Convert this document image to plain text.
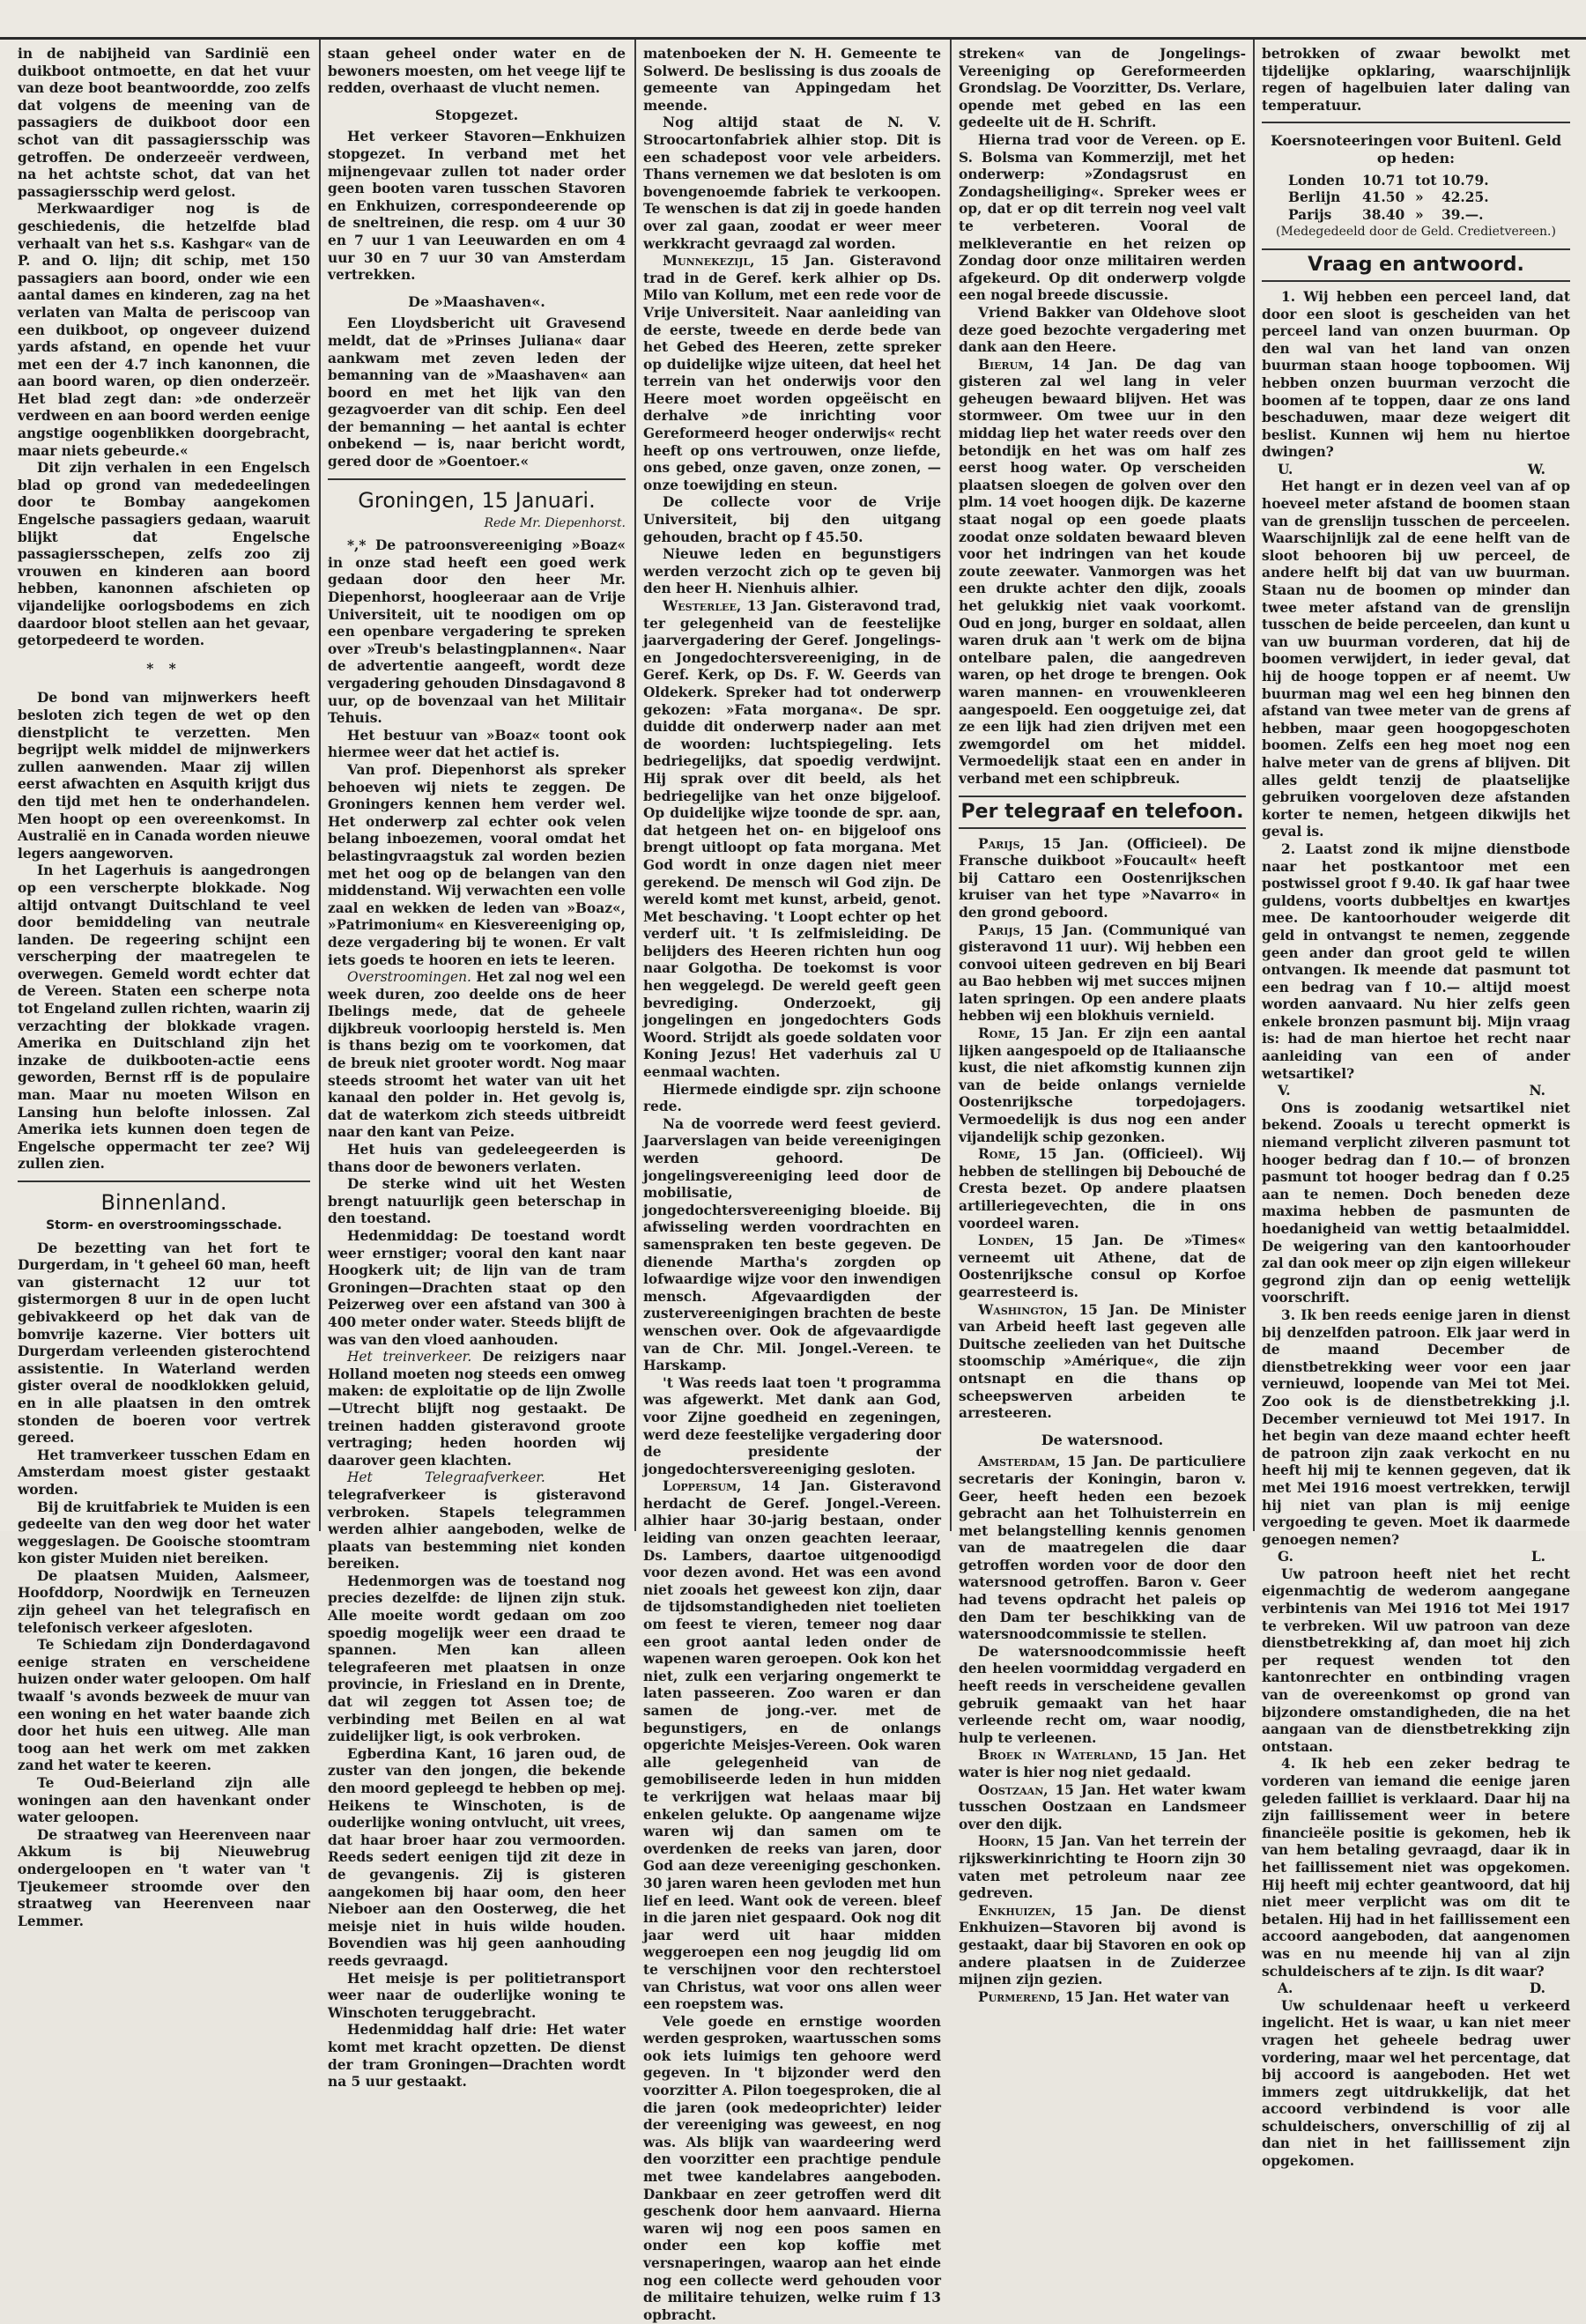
in de nabijheid van Sardinië een duikboot ontmoette, en dat het vuur van deze boot beantwoordde, zoo zelfs dat volgens de meening van de passagiers de duikboot door een schot van dit passagiersschip was getroffen. De onderzeeër verdween, na het achtste schot, dat van het passagiersschip werd gelost.

Merkwaardiger nog is de geschiedenis, die hetzelfde blad verhaalt van het s.s. Kashgar« van de P. and O. lijn; dit schip, met 150 passagiers aan boord, onder wie een aantal dames en kinderen, zag na het verlaten van Malta de periscoop van een duikboot, op ongeveer duizend yards afstand, en opende het vuur met een der 4.7 inch kanonnen, die aan boord waren, op dien onderzeër. Het blad zegt dan: »de onderzeër verdween en aan boord werden eenige angstige oogenblikken doorgebracht, maar niets gebeurde.«

Dit zijn verhalen in een Engelsch blad op grond van mededeelingen door te Bombay aangekomen Engelsche passagiers gedaan, waaruit blijkt dat Engelsche passagiersschepen, zelfs zoo zij vrouwen en kinderen aan boord hebben, kanonnen afschieten op vijandelijke oorlogsbodems en zich daardoor bloot stellen aan het gevaar, getorpedeerd te worden.

* *

De bond van mijnwerkers heeft besloten zich tegen de wet op den dienstplicht te verzetten. Men begrijpt welk middel de mijnwerkers zullen aanwenden. Maar zij willen eerst afwachten en Asquith krijgt dus den tijd met hen te onderhandelen. Men hoopt op een overeenkomst. In Australië en in Canada worden nieuwe legers aangeworven.

In het Lagerhuis is aangedrongen op een verscherpte blokkade. Nog altijd ontvangt Duitschland te veel door bemiddeling van neutrale landen. De regeering schijnt een verscherping der maatregelen te overwegen. Gemeld wordt echter dat de Vereen. Staten een scherpe nota tot Engeland zullen richten, waarin zij verzachting der blokkade vragen. Amerika en Duitschland zijn het inzake de duikbooten-actie eens geworden, Bernst rff is de populaire man. Maar nu moeten Wilson en Lansing hun belofte inlossen. Zal Amerika iets kunnen doen tegen de Engelsche oppermacht ter zee? Wij zullen zien.

Binnenland.
Storm- en overstroomingsschade.

De bezetting van het fort te Durgerdam, in 't geheel 60 man, heeft van gisternacht 12 uur tot gistermorgen 8 uur in de open lucht gebivakkeerd op het dak van de bomvrije kazerne. Vier botters uit Durgerdam verleenden gisterochtend assistentie. In Waterland werden gister overal de noodklokken geluid, en in alle plaatsen in den omtrek stonden de boeren voor vertrek gereed.

Het tramverkeer tusschen Edam en Amsterdam moest gister gestaakt worden.

Bij de kruitfabriek te Muiden is een gedeelte van den weg door het water weggeslagen. De Gooische stoomtram kon gister Muiden niet bereiken.

De plaatsen Muiden, Aalsmeer, Hoofddorp, Noordwijk en Terneuzen zijn geheel van het telegrafisch en telefonisch verkeer afgesloten.

Te Schiedam zijn Donderdagavond eenige straten en verscheidene huizen onder water geloopen. Om half twaalf 's avonds bezweek de muur van een woning en het water baande zich door het huis een uitweg. Alle man toog aan het werk om met zakken zand het water te keeren.

Te Oud-Beierland zijn alle woningen aan den havenkant onder water geloopen.

De straatweg van Heerenveen naar Akkum is bij Nieuwebrug ondergeloopen en 't water van 't Tjeukemeer stroomde over den straatweg van Heerenveen naar Lemmer.

staan geheel onder water en de bewoners moesten, om het veege lijf te redden, overhaast de vlucht nemen.

Stopgezet.

Het verkeer Stavoren—Enkhuizen stopgezet. In verband met het mijnengevaar zullen tot nader order geen booten varen tusschen Stavoren en Enkhuizen, correspondeerende op de sneltreinen, die resp. om 4 uur 30 en 7 uur 1 van Leeuwarden en om 4 uur 30 en 7 uur 30 van Amsterdam vertrekken.

De »Maashaven«.

Een Lloydsbericht uit Gravesend meldt, dat de »Prinses Juliana« daar aankwam met zeven leden der bemanning van de »Maashaven« aan boord en met het lijk van den gezagvoerder van dit schip. Een deel der bemanning — het aantal is echter onbekend — is, naar bericht wordt, gered door de »Goentoer.«

Groningen, 15 Januari.
Rede Mr. Diepenhorst.

*,* De patroonsvereeniging »Boaz« in onze stad heeft een goed werk gedaan door den heer Mr. Diepenhorst, hoogleeraar aan de Vrije Universiteit, uit te noodigen om op een openbare vergadering te spreken over »Treub's belastingplannen«. Naar de advertentie aangeeft, wordt deze vergadering gehouden Dinsdagavond 8 uur, op de bovenzaal van het Militair Tehuis.

Het bestuur van »Boaz« toont ook hiermee weer dat het actief is.

Van prof. Diepenhorst als spreker behoeven wij niets te zeggen. De Groningers kennen hem verder wel. Het onderwerp zal echter ook velen belang inboezemen, vooral omdat het belastingvraagstuk zal worden bezien met het oog op de belangen van den middenstand. Wij verwachten een volle zaal en wekken de leden van »Boaz«, »Patrimonium« en Kiesvereeniging op, deze vergadering bij te wonen. Er valt iets goeds te hooren en iets te leeren.

Overstroomingen. Het zal nog wel een week duren, zoo deelde ons de heer Ibelings mede, dat de geheele dijkbreuk voorloopig hersteld is. Men is thans bezig om te voorkomen, dat de breuk niet grooter wordt. Nog maar steeds stroomt het water van uit het kanaal den polder in. Het gevolg is, dat de waterkom zich steeds uitbreidt naar den kant van Peize.

Het huis van gedeleegeerden is thans door de bewoners verlaten.

De sterke wind uit het Westen brengt natuurlijk geen beterschap in den toestand.

Hedenmiddag: De toestand wordt weer ernstiger; vooral den kant naar Hoogkerk uit; de lijn van de tram Groningen—Drachten staat op den Peizerweg over een afstand van 300 à 400 meter onder water. Steeds blijft de was van den vloed aanhouden.

Het treinverkeer. De reizigers naar Holland moeten nog steeds een omweg maken: de exploitatie op de lijn Zwolle—Utrecht blijft nog gestaakt. De treinen hadden gisteravond groote vertraging; heden hoorden wij daarover geen klachten.

Het Telegraafverkeer. Het telegrafverkeer is gisteravond verbroken. Stapels telegrammen werden alhier aangeboden, welke de plaats van bestemming niet konden bereiken.

Hedenmorgen was de toestand nog precies dezelfde: de lijnen zijn stuk. Alle moeite wordt gedaan om zoo spoedig mogelijk weer een draad te spannen. Men kan alleen telegrafeeren met plaatsen in onze provincie, in Friesland en in Drente, dat wil zeggen tot Assen toe; de verbinding met Beilen en al wat zuidelijker ligt, is ook verbroken.

Egberdina Kant, 16 jaren oud, de zuster van den jongen, die bekende den moord gepleegd te hebben op mej. Heikens te Winschoten, is de ouderlijke woning ontvlucht, uit vrees, dat haar broer haar zou vermoorden. Reeds sedert eenigen tijd zit deze in de gevangenis. Zij is gisteren aangekomen bij haar oom, den heer Nieboer aan den Oosterweg, die het meisje niet in huis wilde houden. Bovendien was hij geen aanhouding reeds gevraagd.

Het meisje is per politietransport weer naar de ouderlijke woning te Winschoten teruggebracht.

Hedenmiddag half drie: Het water komt met kracht opzetten. De dienst der tram Groningen—Drachten wordt na 5 uur gestaakt.

matenboeken der N. H. Gemeente te Solwerd. De beslissing is dus zooals de gemeente van Appingedam het meende.

Nog altijd staat de N. V. Stroocartonfabriek alhier stop. Dit is een schadepost voor vele arbeiders. Thans vernemen we dat besloten is om bovengenoemde fabriek te verkoopen. Te wenschen is dat zij in goede handen over zal gaan, zoodat er weer meer werkkracht gevraagd zal worden.

Munnekezijl, 15 Jan. Gisteravond trad in de Geref. kerk alhier op Ds. Milo van Kollum, met een rede voor de Vrije Universiteit. Naar aanleiding van de eerste, tweede en derde bede van het Gebed des Heeren, zette spreker op duidelijke wijze uiteen, dat heel het terrein van het onderwijs voor den Heere moet worden opgeëischt en derhalve »de inrichting voor Gereformeerd heoger onderwijs« recht heeft op ons vertrouwen, onze liefde, ons gebed, onze gaven, onze zonen, — onze toewijding en steun.

De collecte voor de Vrije Universiteit, bij den uitgang gehouden, bracht op f 45.50.

Nieuwe leden en begunstigers werden verzocht zich op te geven bij den heer H. Nienhuis alhier.

Westerlee, 13 Jan. Gisteravond trad, ter gelegenheid van de feestelijke jaarvergadering der Geref. Jongelings- en Jongedochtersvereeniging, in de Geref. Kerk, op Ds. F. W. Geerds van Oldekerk. Spreker had tot onderwerp gekozen: »Fata morgana«. De spr. duidde dit onderwerp nader aan met de woorden: luchtspiegeling. Iets bedriegelijks, dat spoedig verdwijnt. Hij sprak over dit beeld, als het bedriegelijke van het onze bijgeloof. Op duidelijke wijze toonde de spr. aan, dat hetgeen het on- en bijgeloof ons brengt uitloopt op fata morgana. Met God wordt in onze dagen niet meer gerekend. De mensch wil God zijn. De wereld komt met kunst, arbeid, genot. Met beschaving. 't Loopt echter op het verderf uit. 't Is zelfmisleiding. De belijders des Heeren richten hun oog naar Golgotha. De toekomst is voor hen weggelegd. De wereld geeft geen bevrediging. Onderzoekt, gij jongelingen en jongedochters Gods Woord. Strijdt als goede soldaten voor Koning Jezus! Het vaderhuis zal U eenmaal wachten.

Hiermede eindigde spr. zijn schoone rede.

Na de voorrede werd feest gevierd. Jaarverslagen van beide vereenigingen werden gehoord. De jongelingsvereeniging leed door de mobilisatie, de jongedochtersvereeniging bloeide. Bij afwisseling werden voordrachten en samenspraken ten beste gegeven. De dienende Martha's zorgden op lofwaardige wijze voor den inwendigen mensch. Afgevaardigden der zustervereenigingen brachten de beste wenschen over. Ook de afgevaardigde van de Chr. Mil. Jongel.-Vereen. te Harskamp.

't Was reeds laat toen 't programma was afgewerkt. Met dank aan God, voor Zijne goedheid en zegeningen, werd deze feestelijke vergadering door de presidente der jongedochtersvereeniging gesloten.

Loppersum, 14 Jan. Gisteravond herdacht de Geref. Jongel.-Vereen. alhier haar 30-jarig bestaan, onder leiding van onzen geachten leeraar, Ds. Lambers, daartoe uitgenoodigd voor dezen avond. Het was een avond niet zooals het geweest kon zijn, daar de tijdsomstandigheden niet toelieten om feest te vieren, temeer nog daar een groot aantal leden onder de wapenen waren geroepen. Ook kon het niet, zulk een verjaring ongemerkt te laten passeeren. Zoo waren er dan samen de jong.-ver. met de begunstigers, en de onlangs opgerichte Meisjes-Vereen. Ook waren alle gelegenheid van de gemobiliseerde leden in hun midden te verkrijgen wat helaas maar bij enkelen gelukte. Op aangename wijze waren wij dan samen om te overdenken de reeks van jaren, door God aan deze vereeniging geschonken. 30 jaren waren heen gevloden met hun lief en leed. Want ook de vereen. bleef in die jaren niet gespaard. Ook nog dit jaar werd uit haar midden weggeroepen een nog jeugdig lid om te verschijnen voor den rechterstoel van Christus, wat voor ons allen weer een roepstem was.

Vele goede en ernstige woorden werden gesproken, waartusschen soms ook iets luimigs ten gehoore werd gegeven. In 't bijzonder werd den voorzitter A. Pilon toegesproken, die al die jaren (ook medeoprichter) leider der vereeniging was geweest, en nog was. Als blijk van waardeering werd den voorzitter een prachtige pendule met twee kandelabres aangeboden. Dankbaar en zeer getroffen werd dit geschenk door hem aanvaard. Hierna waren wij nog een poos samen en onder een kop koffie met versnaperingen, waarop aan het einde nog een collecte werd gehouden voor de militaire tehuizen, welke ruim f 13 opbracht.

streken« van de Jongelings-Vereeniging op Gereformeerden Grondslag. De Voorzitter, Ds. Verlare, opende met gebed en las een gedeelte uit de H. Schrift.

Hierna trad voor de Vereen. op E. S. Bolsma van Kommerzijl, met het onderwerp: »Zondagsrust en Zondagsheiliging«. Spreker wees er op, dat er op dit terrein nog veel valt te verbeteren. Vooral de melkleverantie en het reizen op Zondag door onze militairen werden afgekeurd. Op dit onderwerp volgde een nogal breede discussie.

Vriend Bakker van Oldehove sloot deze goed bezochte vergadering met dank aan den Heere.

Bierum, 14 Jan. De dag van gisteren zal wel lang in veler geheugen bewaard blijven. Het was stormweer. Om twee uur in den middag liep het water reeds over den betondijk en het was om half zes eerst hoog water. Op verscheiden plaatsen sloegen de golven over den plm. 14 voet hoogen dijk. De kazerne staat nogal op een goede plaats zoodat onze soldaten bewaard bleven voor het indringen van het koude zoute zeewater. Vanmorgen was het een drukte achter den dijk, zooals het gelukkig niet vaak voorkomt. Oud en jong, burger en soldaat, allen waren druk aan 't werk om de bijna ontelbare palen, die aangedreven waren, op het droge te brengen. Ook waren mannen- en vrouwenkleeren aangespoeld. Een ooggetuige zei, dat ze een lijk had zien drijven met een zwemgordel om het middel. Vermoedelijk staat een en ander in verband met een schipbreuk.

Per telegraaf en telefoon.

Parijs, 15 Jan. (Officieel). De Fransche duikboot »Foucault« heeft bij Cattaro een Oostenrijkschen kruiser van het type »Navarro« in den grond geboord.

Parijs, 15 Jan. (Communiqué van gisteravond 11 uur). Wij hebben een convooi uiteen gedreven en bij Beari au Bao hebben wij met succes mijnen laten springen. Op een andere plaats hebben wij een blokhuis vernield.

Rome, 15 Jan. Er zijn een aantal lijken aangespoeld op de Italiaansche kust, die niet afkomstig kunnen zijn van de beide onlangs vernielde Oostenrijksche torpedojagers. Vermoedelijk is dus nog een ander vijandelijk schip gezonken.

Rome, 15 Jan. (Officieel). Wij hebben de stellingen bij Debouché de Cresta bezet. Op andere plaatsen artilleriegevechten, die in ons voordeel waren.

Londen, 15 Jan. De »Times« verneemt uit Athene, dat de Oostenrijksche consul op Korfoe gearresteerd is.

Washington, 15 Jan. De Minister van Arbeid heeft last gegeven alle Duitsche zeelieden van het Duitsche stoomschip »Amérique«, die zijn ontsnapt en die thans op scheepswerven arbeiden te arresteeren.

De watersnood.

Amsterdam, 15 Jan. De particuliere secretaris der Koningin, baron v. Geer, heeft heden een bezoek gebracht aan het Tolhuisterrein en met belangstelling kennis genomen van de maatregelen die daar getroffen worden voor de door den watersnood getroffen. Baron v. Geer had tevens opdracht het paleis op den Dam ter beschikking van de watersnoodcommissie te stellen.

De watersnoodcommissie heeft den heelen voormiddag vergaderd en heeft reeds in verscheidene gevallen gebruik gemaakt van het haar verleende recht om, waar noodig, hulp te verleenen.

Broek in Waterland, 15 Jan. Het water is hier nog niet gedaald.

Oostzaan, 15 Jan. Het water kwam tusschen Oostzaan en Landsmeer over den dijk.

Hoorn, 15 Jan. Van het terrein der rijkswerkinrichting te Hoorn zijn 30 vaten met petroleum naar zee gedreven.

Enkhuizen, 15 Jan. De dienst Enkhuizen—Stavoren bij avond is gestaakt, daar bij Stavoren en ook op andere plaatsen in de Zuiderzee mijnen zijn gezien.

Purmerend, 15 Jan. Het water van

betrokken of zwaar bewolkt met tijdelijke opklaring, waarschijnlijk regen of hagelbuien later daling van temperatuur.

Koersnoteeringen voor Buitenl. Geld op heden:
Londen	10.71 tot 10.79.
Berlijn	41.50 »	42.25.
Parijs	38.40 »	39.—.
(Medegedeeld door de Geld. Credietvereen.)
Vraag en antwoord.

1. Wij hebben een perceel land, dat door een sloot is gescheiden van het perceel land van onzen buurman. Op den wal van het land van onzen buurman staan hooge topboomen. Wij hebben onzen buurman verzocht die boomen af te toppen, daar ze ons land beschaduwen, maar deze weigert dit beslist. Kunnen wij hem nu hiertoe dwingen?

U.	W.

Het hangt er in dezen veel van af op hoeveel meter afstand de boomen staan van de grenslijn tusschen de perceelen. Waarschijnlijk zal de eene helft van de sloot behooren bij uw perceel, de andere helft bij dat van uw buurman. Staan nu de boomen op minder dan twee meter afstand van de grenslijn tusschen de beide perceelen, dan kunt u van uw buurman vorderen, dat hij de boomen verwijdert, in ieder geval, dat hij de hooge toppen er af neemt. Uw buurman mag wel een heg binnen den afstand van twee meter van de grens af hebben, maar geen hoogopgeschoten boomen. Zelfs een heg moet nog een halve meter van de grens af blijven. Dit alles geldt tenzij de plaatselijke gebruiken voorgeloven deze afstanden korter te nemen, hetgeen dikwijls het geval is.

2. Laatst zond ik mijne dienstbode naar het postkantoor met een postwissel groot f 9.40. Ik gaf haar twee guldens, voorts dubbeltjes en kwartjes mee. De kantoorhouder weigerde dit geld in ontvangst te nemen, zeggende geen ander dan groot geld te willen ontvangen. Ik meende dat pasmunt tot een bedrag van f 10.— altijd moest worden aanvaard. Nu hier zelfs geen enkele bronzen pasmunt bij. Mijn vraag is: had de man hiertoe het recht naar aanleiding van een of ander wetsartikel?

V.	N.

Ons is zoodanig wetsartikel niet bekend. Zooals u terecht opmerkt is niemand verplicht zilveren pasmunt tot hooger bedrag dan f 10.— of bronzen pasmunt tot hooger bedrag dan f 0.25 aan te nemen. Doch beneden deze maxima hebben de pasmunten de hoedanigheid van wettig betaalmiddel. De weigering van den kantoorhouder zal dan ook meer op zijn eigen willekeur gegrond zijn dan op eenig wettelijk voorschrift.

3. Ik ben reeds eenige jaren in dienst bij denzelfden patroon. Elk jaar werd in de maand December de dienstbetrekking weer voor een jaar vernieuwd, loopende van Mei tot Mei. Zoo ook is de dienstbetrekking j.l. December vernieuwd tot Mei 1917. In het begin van deze maand echter heeft de patroon zijn zaak verkocht en nu heeft hij mij te kennen gegeven, dat ik met Mei 1916 moest vertrekken, terwijl hij niet van plan is mij eenige vergoeding te geven. Moet ik daarmede genoegen nemen?

G.	L.

Uw patroon heeft niet het recht eigenmachtig de wederom aangegane verbintenis van Mei 1916 tot Mei 1917 te verbreken. Wil uw patroon van deze dienstbetrekking af, dan moet hij zich per request wenden tot den kantonrechter en ontbinding vragen van de overeenkomst op grond van bijzondere omstandigheden, die na het aangaan van de dienstbetrekking zijn ontstaan.

4. Ik heb een zeker bedrag te vorderen van iemand die eenige jaren geleden failliet is verklaard. Daar hij na zijn faillissement weer in betere financieële positie is gekomen, heb ik van hem betaling gevraagd, daar ik in het faillissement niet was opgekomen. Hij heeft mij echter geantwoord, dat hij niet meer verplicht was om dit te betalen. Hij had in het faillissement een accoord aangeboden, dat aangenomen was en nu meende hij van al zijn schuldeischers af te zijn. Is dit waar?

A.	D.

Uw schuldenaar heeft u verkeerd ingelicht. Het is waar, u kan niet meer vragen het geheele bedrag uwer vordering, maar wel het percentage, dat bij accoord is aangeboden. Het wet immers zegt uitdrukkelijk, dat het accoord verbindend is voor alle schuldeischers, onverschillig of zij al dan niet in het faillissement zijn opgekomen.
